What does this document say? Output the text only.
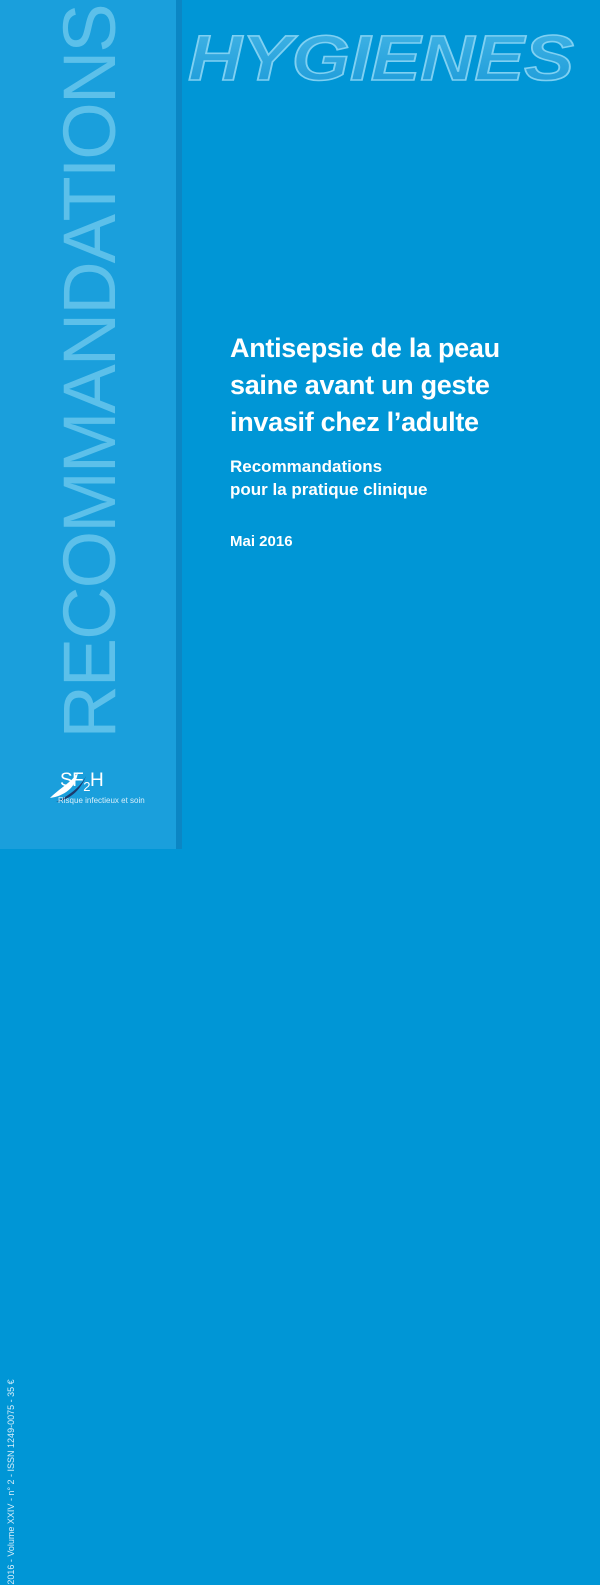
RECOMMANDATIONS
2016 - Volume XXIV - n° 2 - ISSN 1249-0075 - 35 €
HYGIENES
Antisepsie de la peau
saine avant un geste
invasif chez l’adulte
Recommandations
pour la pratique clinique
Mai 2016
$SF_2H$
Risque infectieux et soin
